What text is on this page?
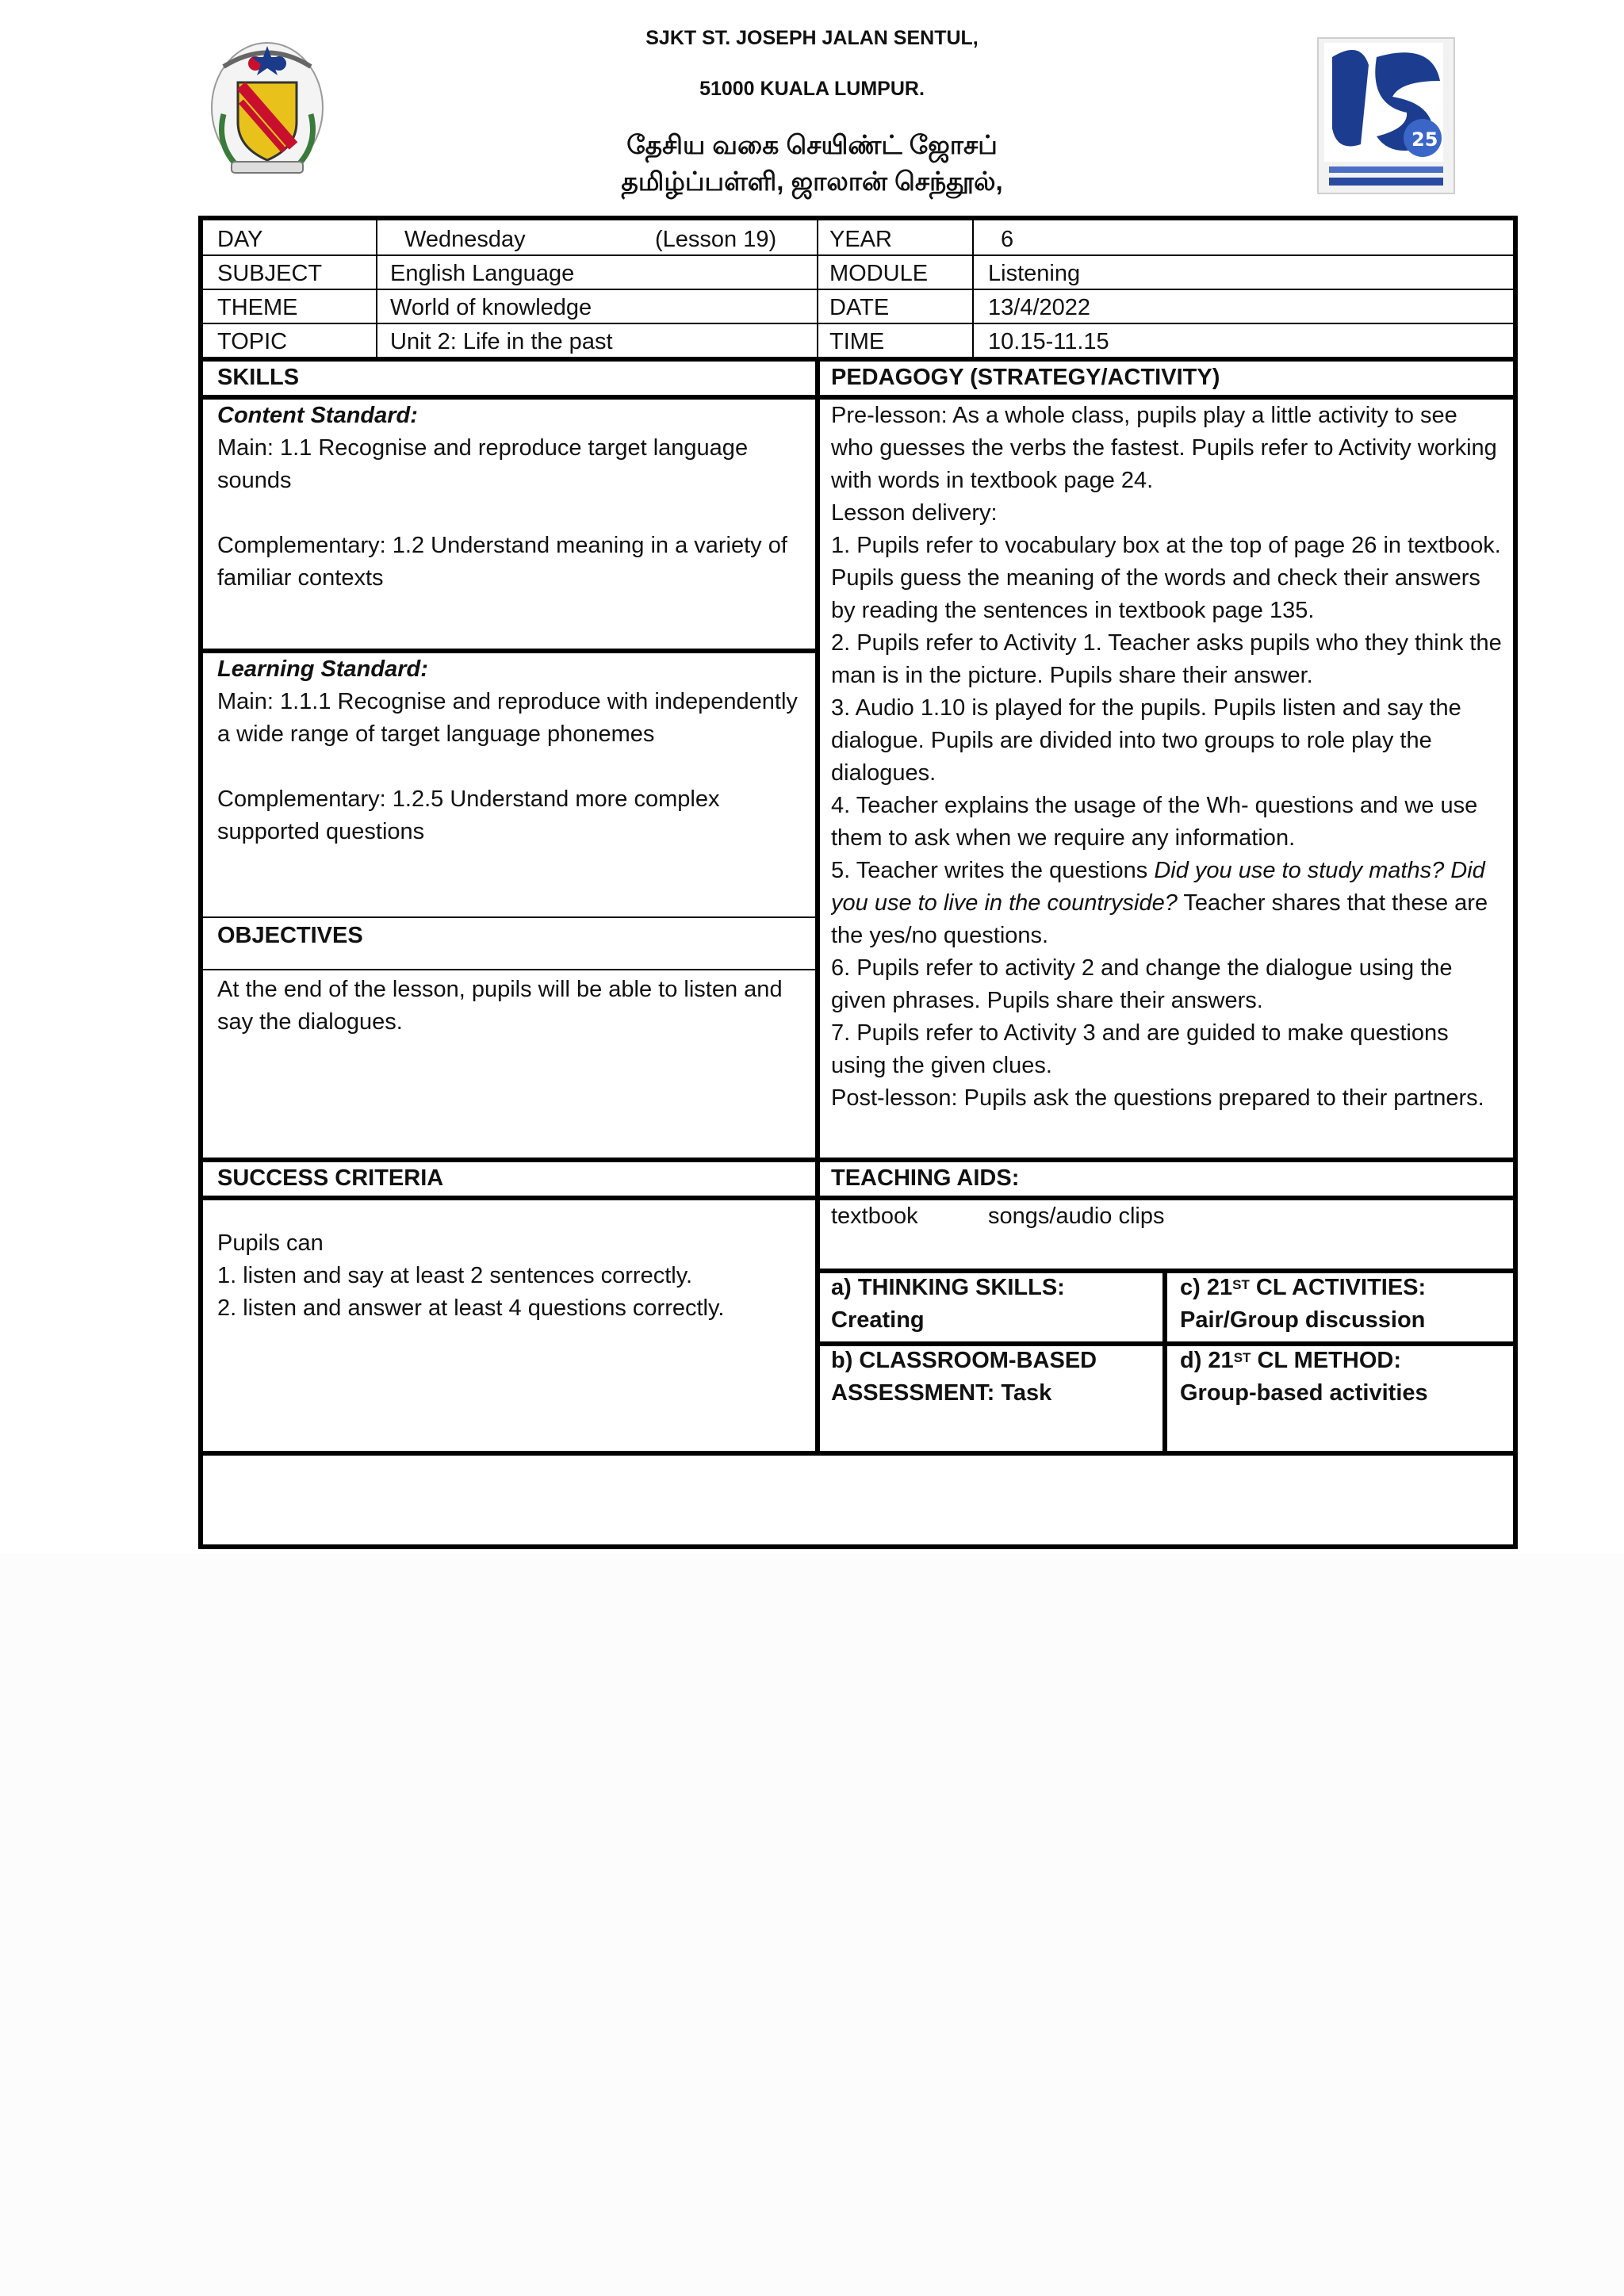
SJKT ST. JOSEPH JALAN SENTUL,
51000 KUALA LUMPUR.
தேசிய வகை செயிண்ட் ஜோசப்
தமிழ்ப்பள்ளி, ஜாலான் செந்தூல்,
25
DAY	Wednesday	(Lesson 19) YEAR	6
SUBJECT	English Language	MODULE	Listening
THEME	World of knowledge	DATE	13/4/2022
TOPIC	Unit 2: Life in the past	TIME	10.15-11.15
SKILLS	PEDAGOGY (STRATEGY/ACTIVITY)
Content Standard:
Main: 1.1 Recognise and reproduce target language sounds
Complementary: 1.2 Understand meaning in a variety of familiar contexts
Learning Standard:
Main: 1.1.1 Recognise and reproduce with independently a wide range of target language phonemes
Complementary: 1.2.5 Understand more complex supported questions
OBJECTIVES
At the end of the lesson, pupils will be able to listen and say the dialogues.
Pre-lesson: As a whole class, pupils play a little activity to see who guesses the verbs the fastest. Pupils refer to Activity working with words in textbook page 24.
Lesson delivery:
1. Pupils refer to vocabulary box at the top of page 26 in textbook. Pupils guess the meaning of the words and check their answers by reading the sentences in textbook page 135.
2. Pupils refer to Activity 1. Teacher asks pupils who they think the man is in the picture. Pupils share their answer.
3. Audio 1.10 is played for the pupils. Pupils listen and say the dialogue. Pupils are divided into two groups to role play the dialogues.
4. Teacher explains the usage of the Wh- questions and we use them to ask when we require any information.
5. Teacher writes the questions Did you use to study maths? Did you use to live in the countryside? Teacher shares that these are the yes/no questions.
6. Pupils refer to activity 2 and change the dialogue using the given phrases. Pupils share their answers.
7. Pupils refer to Activity 3 and are guided to make questions using the given clues.
Post-lesson: Pupils ask the questions prepared to their partners.
SUCCESS CRITERIA	TEACHING AIDS:
Pupils can
1. listen and say at least 2 sentences correctly.
2. listen and answer at least 4 questions correctly.
textbook	songs/audio clips
a) THINKING SKILLS:
Creating
c) 21ST CL ACTIVITIES:
Pair/Group discussion
b) CLASSROOM-BASED
ASSESSMENT: Task
d) 21ST CL METHOD:
Group-based activities
